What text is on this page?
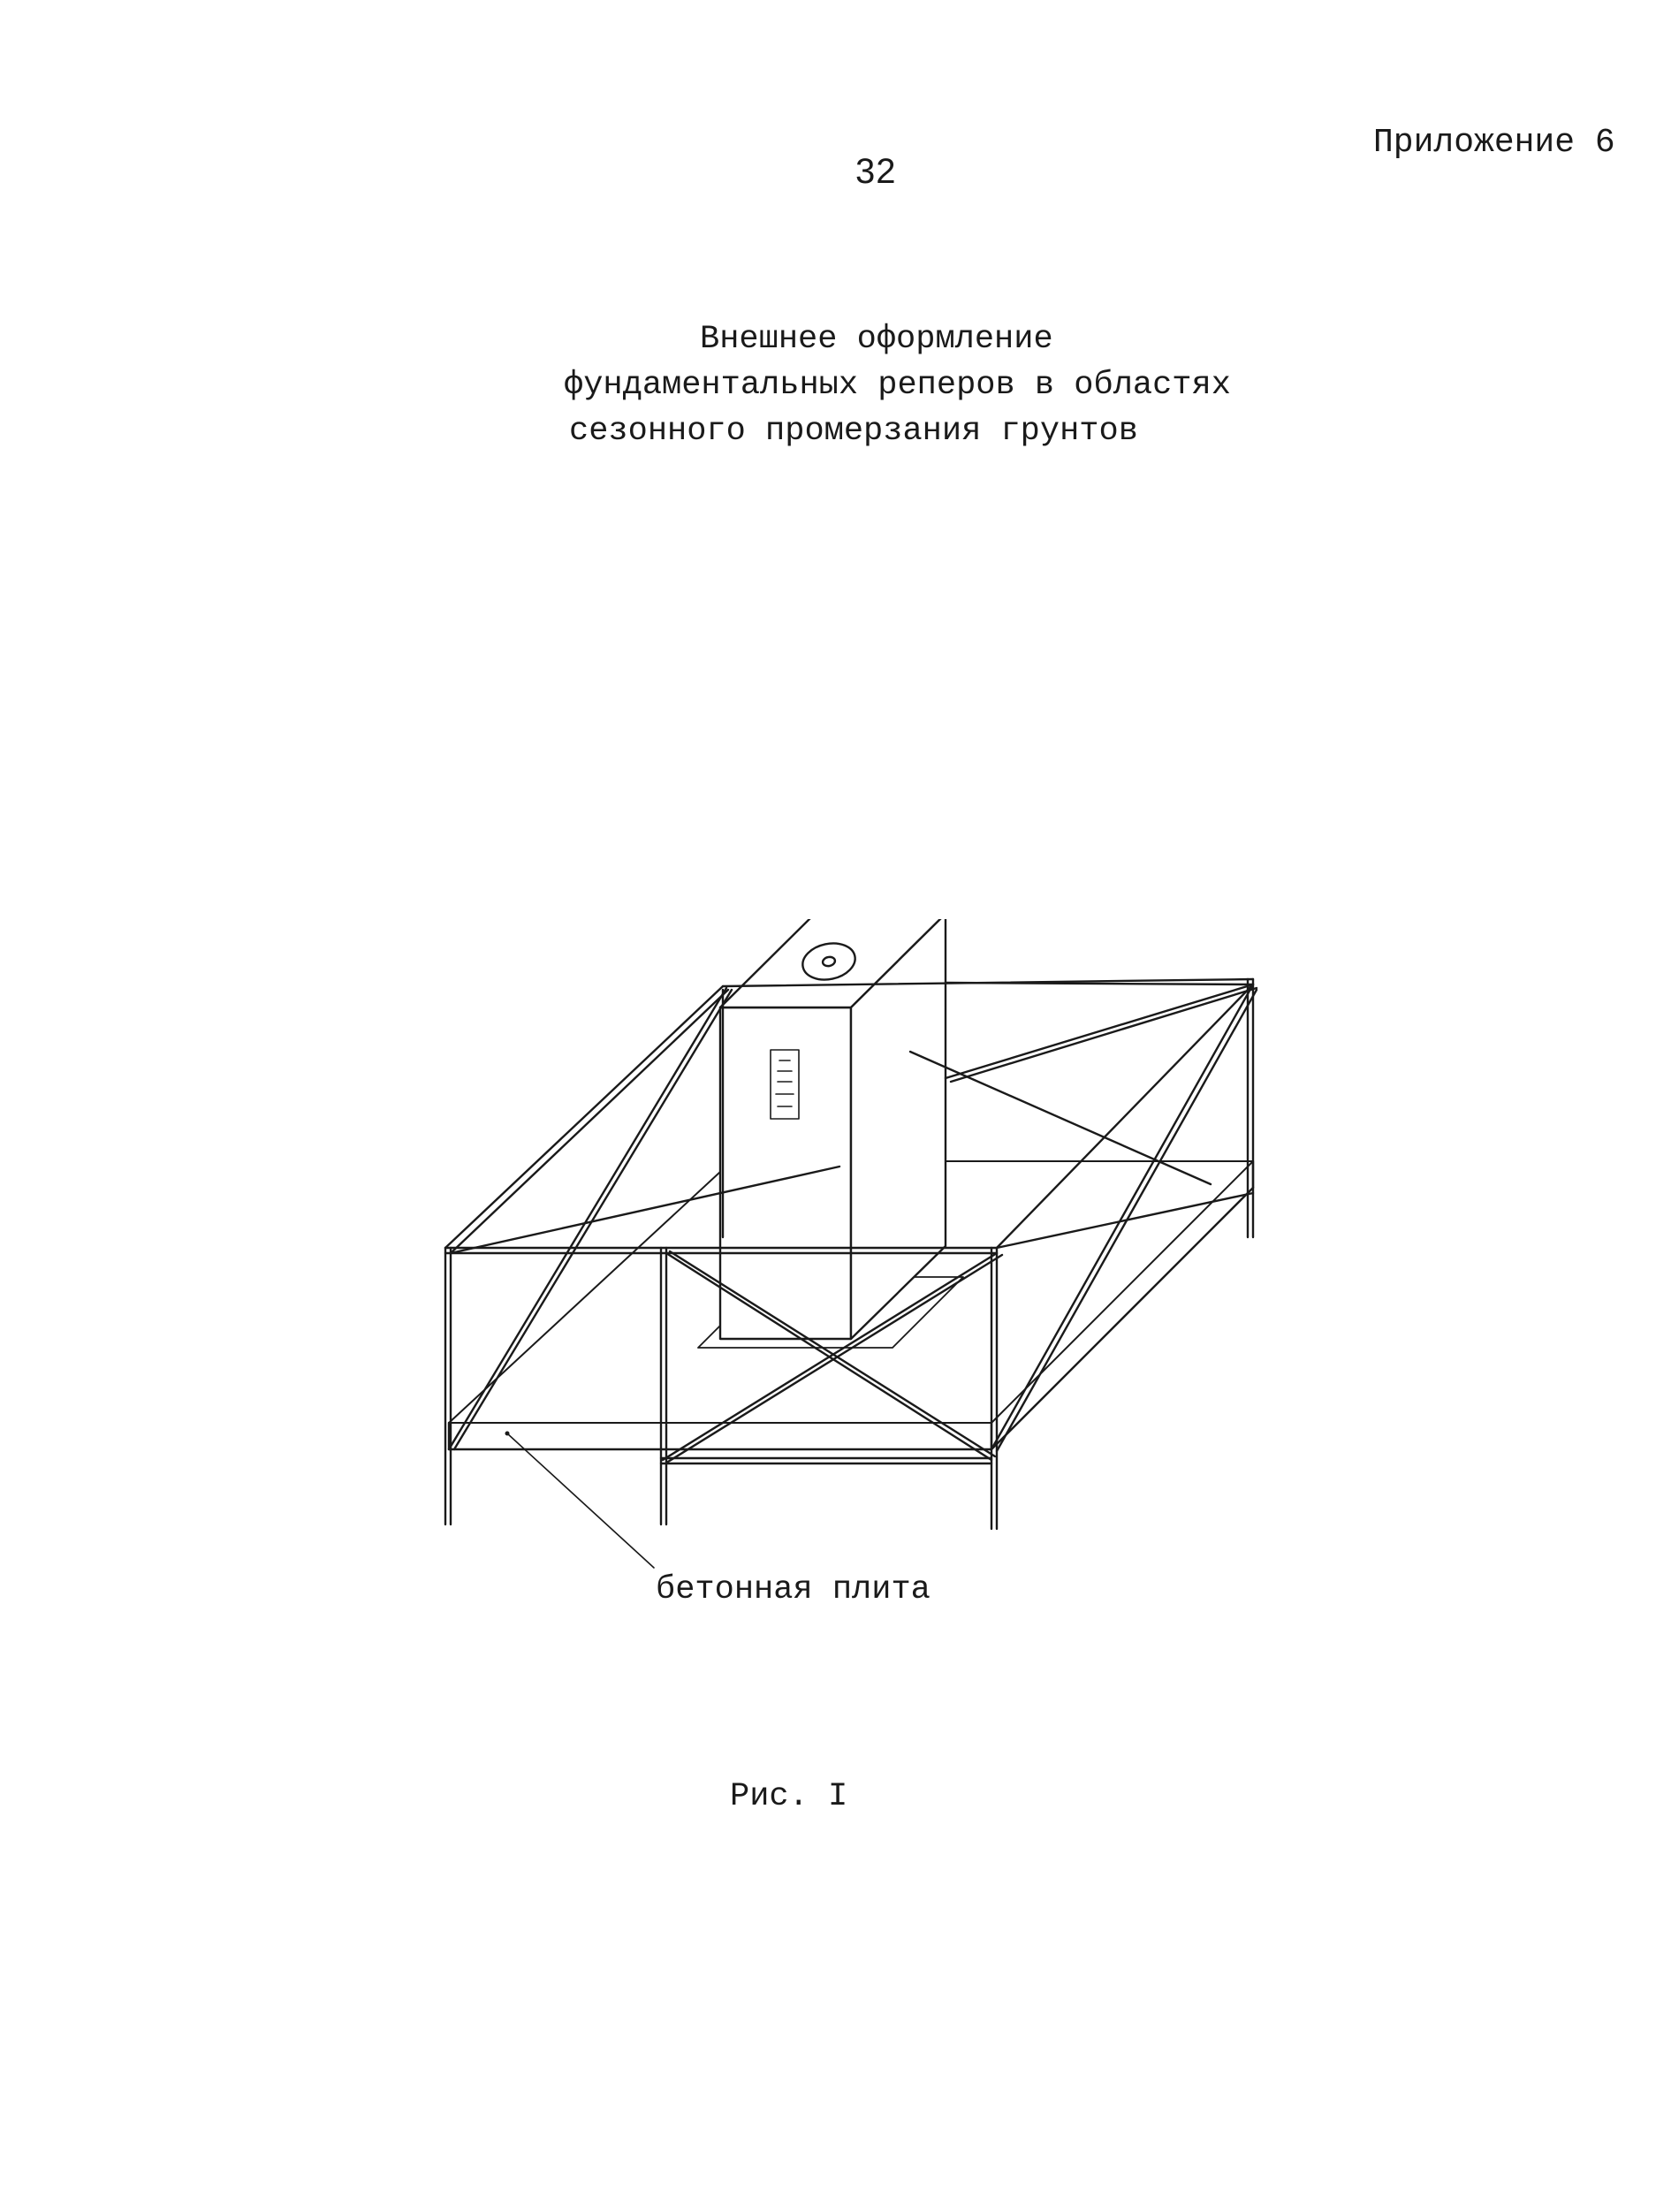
32
Приложение 6
Внешнее оформление
фундаментальных реперов в областях
сезонного промерзания грунтов
бетонная плита
Рис. I
